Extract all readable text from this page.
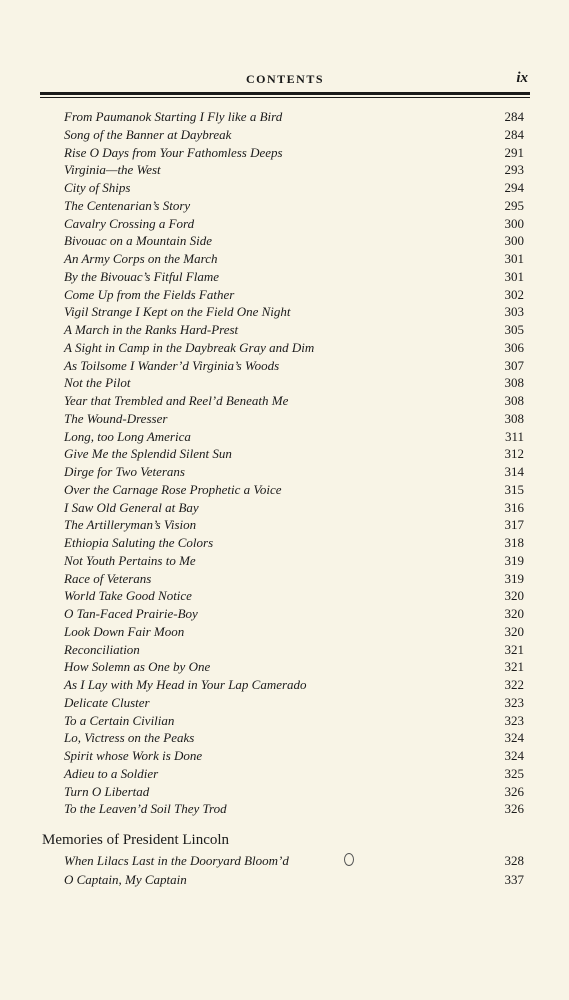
CONTENTS	ix
From Paumanok Starting I Fly like a Bird	284
Song of the Banner at Daybreak	284
Rise O Days from Your Fathomless Deeps	291
Virginia—the West	293
City of Ships	294
The Centenarian’s Story	295
Cavalry Crossing a Ford	300
Bivouac on a Mountain Side	300
An Army Corps on the March	301
By the Bivouac’s Fitful Flame	301
Come Up from the Fields Father	302
Vigil Strange I Kept on the Field One Night	303
A March in the Ranks Hard-Prest	305
A Sight in Camp in the Daybreak Gray and Dim	306
As Toilsome I Wander’d Virginia’s Woods	307
Not the Pilot	308
Year that Trembled and Reel’d Beneath Me	308
The Wound-Dresser	308
Long, too Long America	311
Give Me the Splendid Silent Sun	312
Dirge for Two Veterans	314
Over the Carnage Rose Prophetic a Voice	315
I Saw Old General at Bay	316
The Artilleryman’s Vision	317
Ethiopia Saluting the Colors	318
Not Youth Pertains to Me	319
Race of Veterans	319
World Take Good Notice	320
O Tan-Faced Prairie-Boy	320
Look Down Fair Moon	320
Reconciliation	321
How Solemn as One by One	321
As I Lay with My Head in Your Lap Camerado	322
Delicate Cluster	323
To a Certain Civilian	323
Lo, Victress on the Peaks	324
Spirit whose Work is Done	324
Adieu to a Soldier	325
Turn O Libertad	326
To the Leaven’d Soil They Trod	326
Memories of President Lincoln
When Lilacs Last in the Dooryard Bloom’d	328
O Captain, My Captain	337
